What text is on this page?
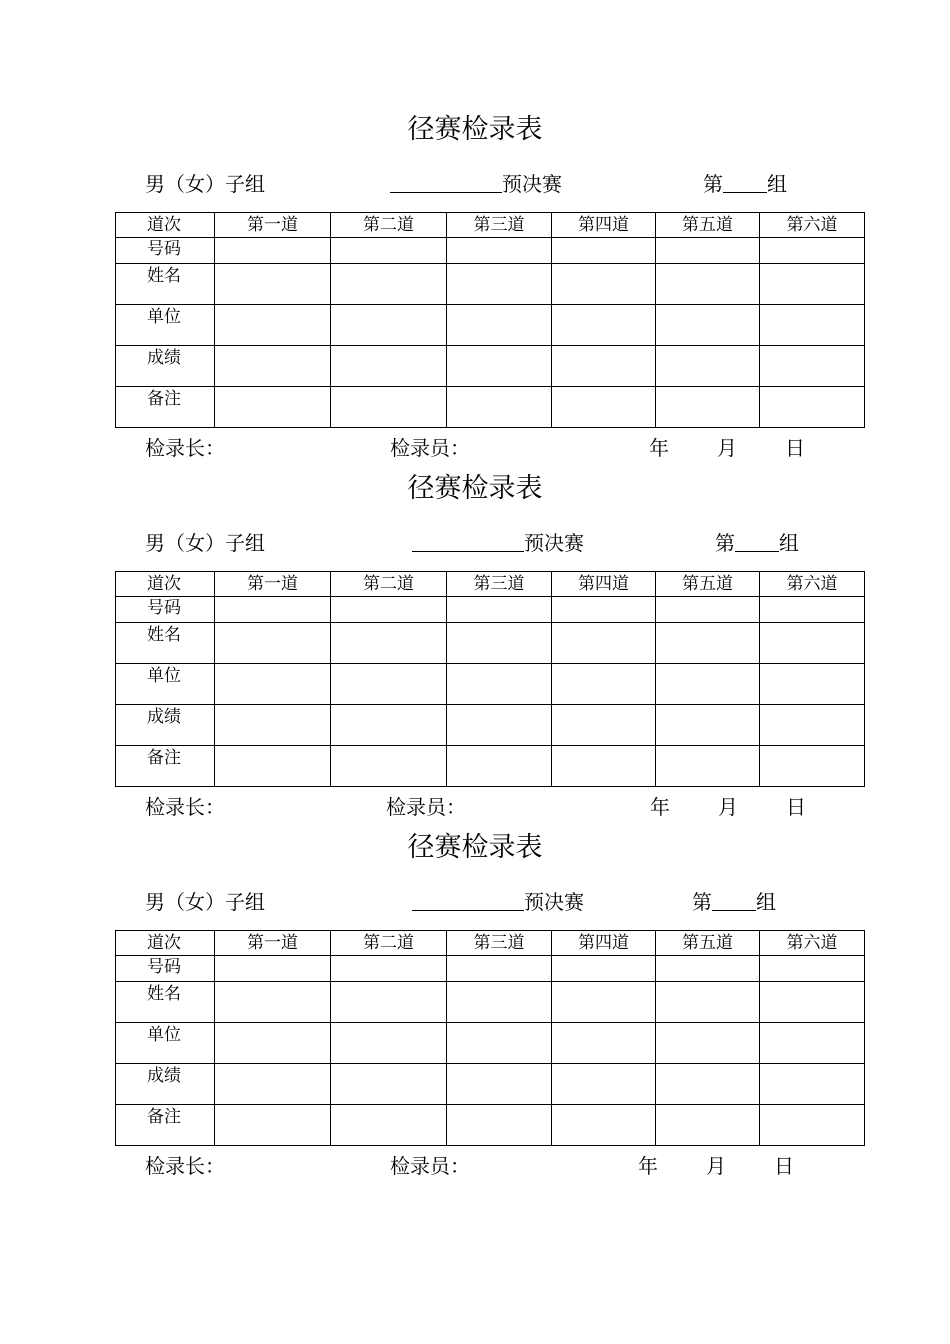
径赛检录表
男（女）子组	预决赛	第 组
道次	第一道	第二道	第三道	第四道	第五道	第六道
号码						
姓名						
单位						
成绩						
备注						
检录长：	检录员：	年 月 日
径赛检录表
男（女）子组	预决赛	第 组
道次	第一道	第二道	第三道	第四道	第五道	第六道
号码						
姓名						
单位						
成绩						
备注						
检录长：	检录员：	年 月 日
径赛检录表
男（女）子组	预决赛	第 组
道次	第一道	第二道	第三道	第四道	第五道	第六道
号码						
姓名						
单位						
成绩						
备注						
检录长：	检录员：	年 月 日
